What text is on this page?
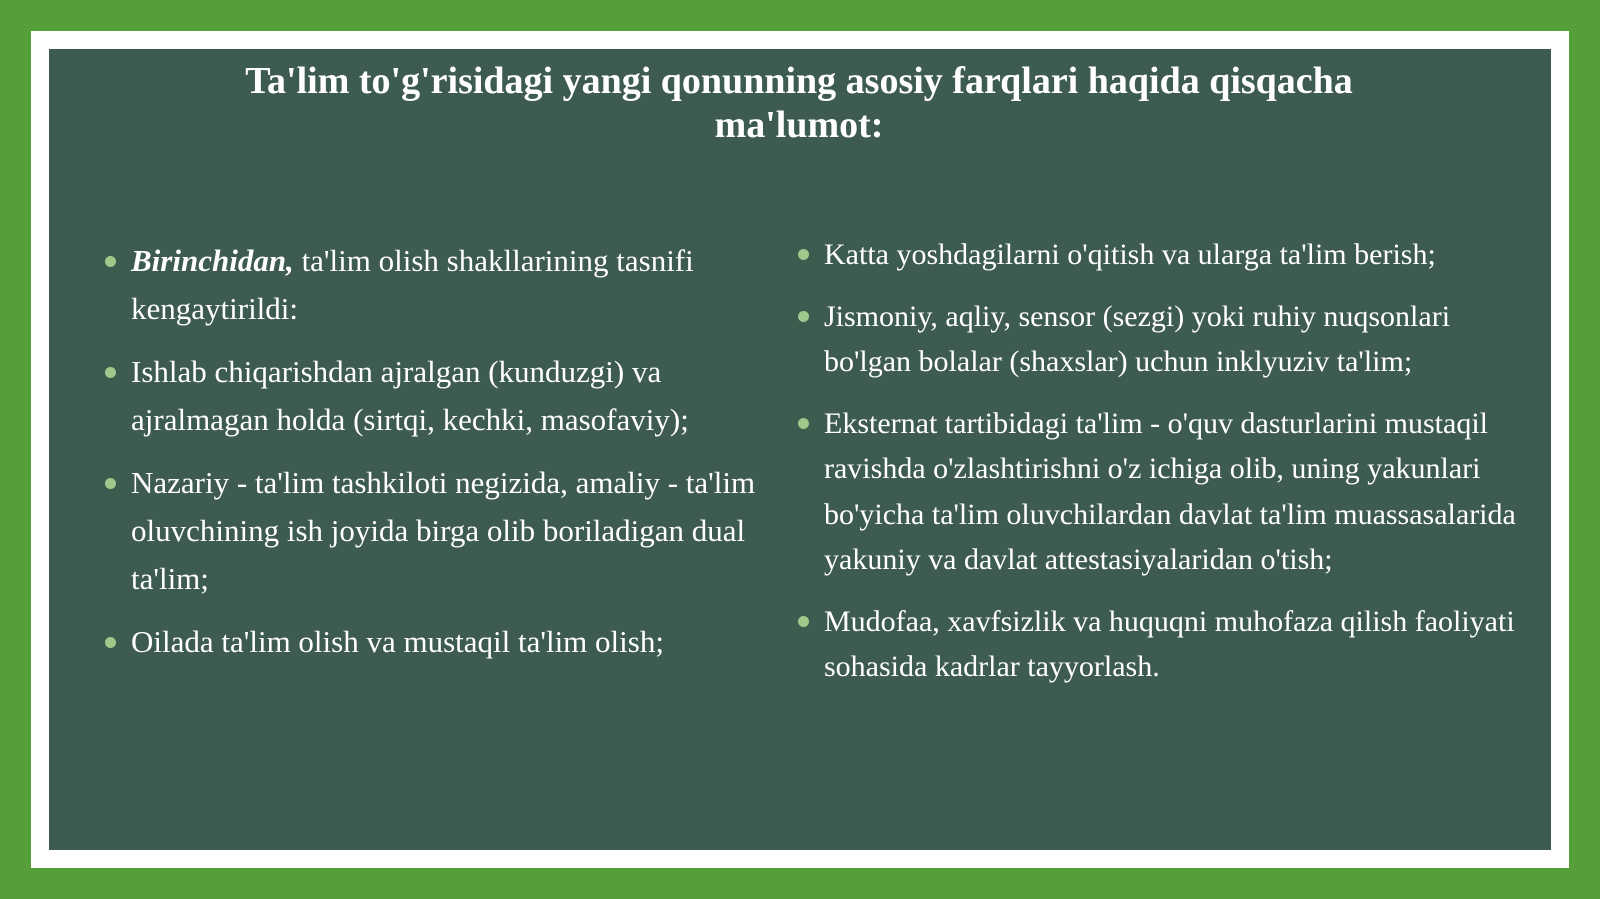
Ta'lim to'g'risidagi yangi qonunning asosiy farqlari haqida qisqacha ma'lumot:
Birinchidan, ta'lim olish shakllarining tasnifi kengaytirildi:
Ishlab chiqarishdan ajralgan (kunduzgi) va ajralmagan holda (sirtqi, kechki, masofaviy);
Nazariy - ta'lim tashkiloti negizida, amaliy - ta'lim oluvchining ish joyida birga olib boriladigan dual ta'lim;
Oilada ta'lim olish va mustaqil ta'lim olish;
Katta yoshdagilarni o'qitish va ularga ta'lim berish;
Jismoniy, aqliy, sensor (sezgi) yoki ruhiy nuqsonlari bo'lgan bolalar (shaxslar) uchun inklyuziv ta'lim;
Eksternat tartibidagi ta'lim - o'quv dasturlarini mustaqil ravishda o'zlashtirishni o'z ichiga olib, uning yakunlari bo'yicha ta'lim oluvchilardan davlat ta'lim muassasalarida yakuniy va davlat attestasiyalaridan o'tish;
Mudofaa, xavfsizlik va huquqni muhofaza qilish faoliyati sohasida kadrlar tayyorlash.
